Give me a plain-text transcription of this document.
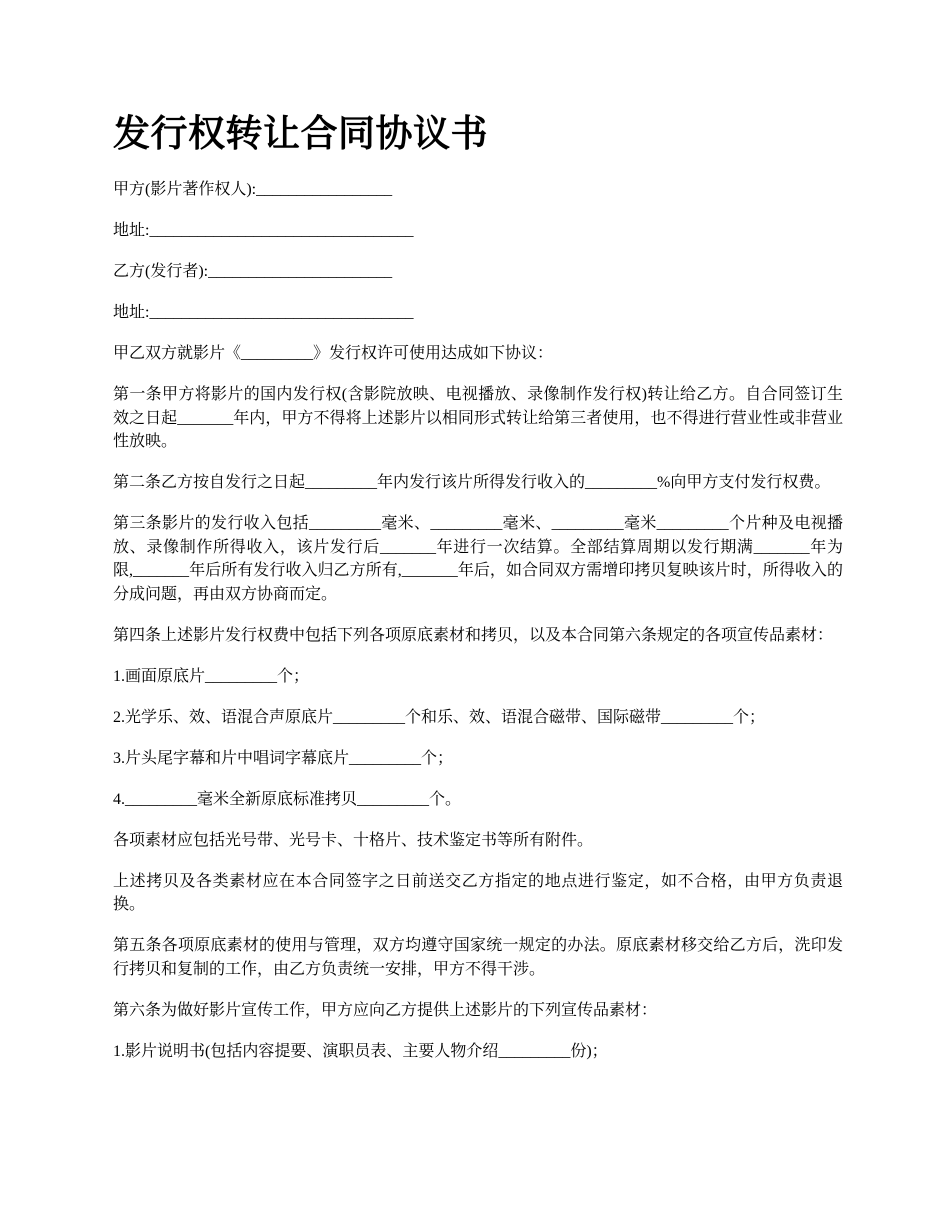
发行权转让合同协议书

甲方(影片著作权人):_________________

地址:_________________________________

乙方(发行者):_______________________

地址:_________________________________

甲乙双方就影片《_________》发行权许可使用达成如下协议：

第一条甲方将影片的国内发行权(含影院放映、电视播放、录像制作发行权)转让给乙方。自合同签订生效之日起_______年内，甲方不得将上述影片以相同形式转让给第三者使用，也不得进行营业性或非营业性放映。

第二条乙方按自发行之日起_________年内发行该片所得发行收入的_________%向甲方支付发行权费。

第三条影片的发行收入包括_________毫米、_________毫米、_________毫米_________个片种及电视播放、录像制作所得收入，该片发行后_______年进行一次结算。全部结算周期以发行期满_______年为限,_______年后所有发行收入归乙方所有,_______年后，如合同双方需增印拷贝复映该片时，所得收入的分成问题，再由双方协商而定。

第四条上述影片发行权费中包括下列各项原底素材和拷贝，以及本合同第六条规定的各项宣传品素材：

1.画面原底片_________个；

2.光学乐、效、语混合声原底片_________个和乐、效、语混合磁带、国际磁带_________个；

3.片头尾字幕和片中唱词字幕底片_________个；

4._________毫米全新原底标准拷贝_________个。

各项素材应包括光号带、光号卡、十格片、技术鉴定书等所有附件。

上述拷贝及各类素材应在本合同签字之日前送交乙方指定的地点进行鉴定，如不合格，由甲方负责退换。

第五条各项原底素材的使用与管理，双方均遵守国家统一规定的办法。原底素材移交给乙方后，洗印发行拷贝和复制的工作，由乙方负责统一安排，甲方不得干涉。

第六条为做好影片宣传工作，甲方应向乙方提供上述影片的下列宣传品素材：

1.影片说明书(包括内容提要、演职员表、主要人物介绍_________份)；
